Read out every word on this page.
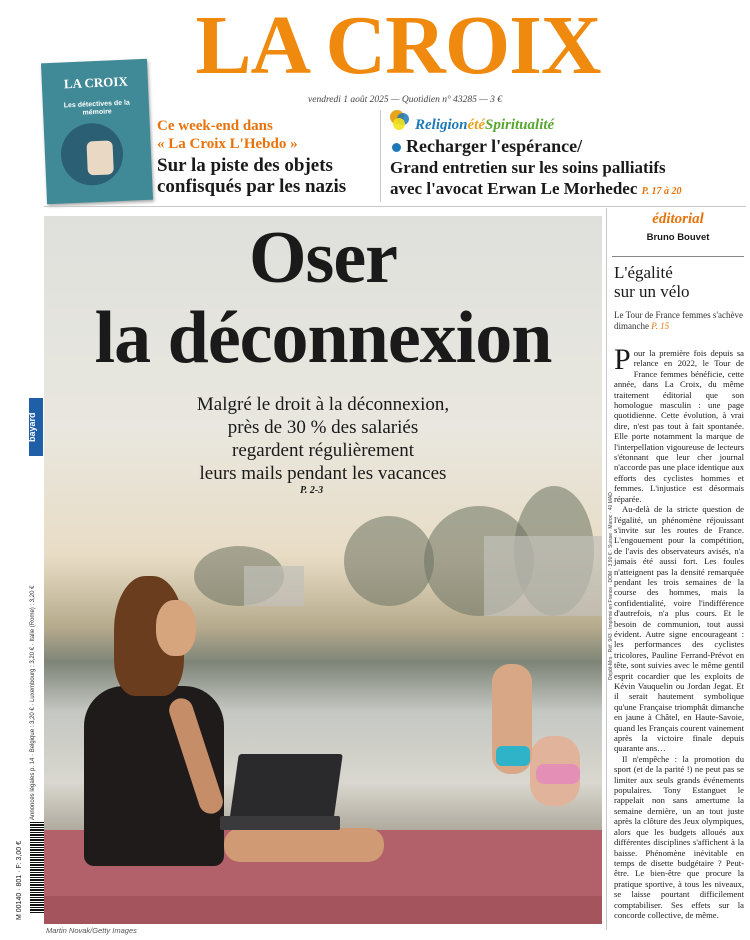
LA CROIX
vendredi 1 août 2025 — Quotidien n° 43285 — 3 €
LA CROIX
Les détectives de la mémoire
Ce week-end dans
« La Croix L'Hebdo »
Sur la piste des objets
confisqués par les nazis
ReligionétéSpiritualité
Recharger l'espérance/
Grand entretien sur les soins palliatifs
avec l'avocat Erwan Le Morhedec P. 17 à 20
Oser
la déconnexion
Malgré le droit à la déconnexion,
près de 30 % des salariés
regardent régulièrement
leurs mails pendant les vacances
P. 2-3
Martin Novak/Getty Images
bayard
Annonces légales p. 14 · Belgique : 3,20 € · Luxembourg : 3,20 € · Italie (Rome) : 3,20 €
M 00140 · 801 · F: 3,00 €
Dépôt-Mrs · Réf. 943 · Imprimé en France · DOM · 3,90 € · Suisse · Maroc · 40 MAD
éditorial
Bruno Bouvet
L'égalité
sur un vélo
Le Tour de France femmes s'achève dimanche P. 15

Pour la première fois depuis sa relance en 2022, le Tour de France femmes bénéficie, cette année, dans La Croix, du même traitement éditorial que son homologue masculin : une page quotidienne. Cette évolution, à vrai dire, n'est pas tout à fait spontanée. Elle porte notamment la marque de l'interpellation vigoureuse de lecteurs s'étonnant que leur cher journal n'accorde pas une place identique aux efforts des cyclistes hommes et femmes. L'injustice est désormais réparée.

Au-delà de la stricte question de l'égalité, un phénomène réjouissant s'invite sur les routes de France. L'engouement pour la compétition, de l'avis des observateurs avisés, n'a jamais été aussi fort. Les foules n'atteignent pas la densité remarquée pendant les trois semaines de la course des hommes, mais la confidentialité, voire l'indifférence d'autrefois, n'a plus cours. Et le besoin de communion, tout aussi évident. Autre signe encourageant : les performances des cyclistes tricolores, Pauline Ferrand-Prévot en tête, sont suivies avec le même gentil esprit cocardier que les exploits de Kévin Vauquelin ou Jordan Jegat. Et il serait hautement symbolique qu'une Française triomphât dimanche en jaune à Châtel, en Haute-Savoie, quand les Français courent vainement après la victoire finale depuis quarante ans…

Il n'empêche : la promotion du sport (et de la parité !) ne peut pas se limiter aux seuls grands événements populaires. Tony Estanguet le rappelait non sans amertume la semaine dernière, un an tout juste après la clôture des Jeux olympiques, alors que les budgets alloués aux différentes disciplines s'affichent à la baisse. Phénomène inévitable en temps de disette budgétaire ? Peut-être. Le bien-être que procure la pratique sportive, à tous les niveaux, se laisse pourtant difficilement comptabiliser. Ses effets sur la concorde collective, de même.
